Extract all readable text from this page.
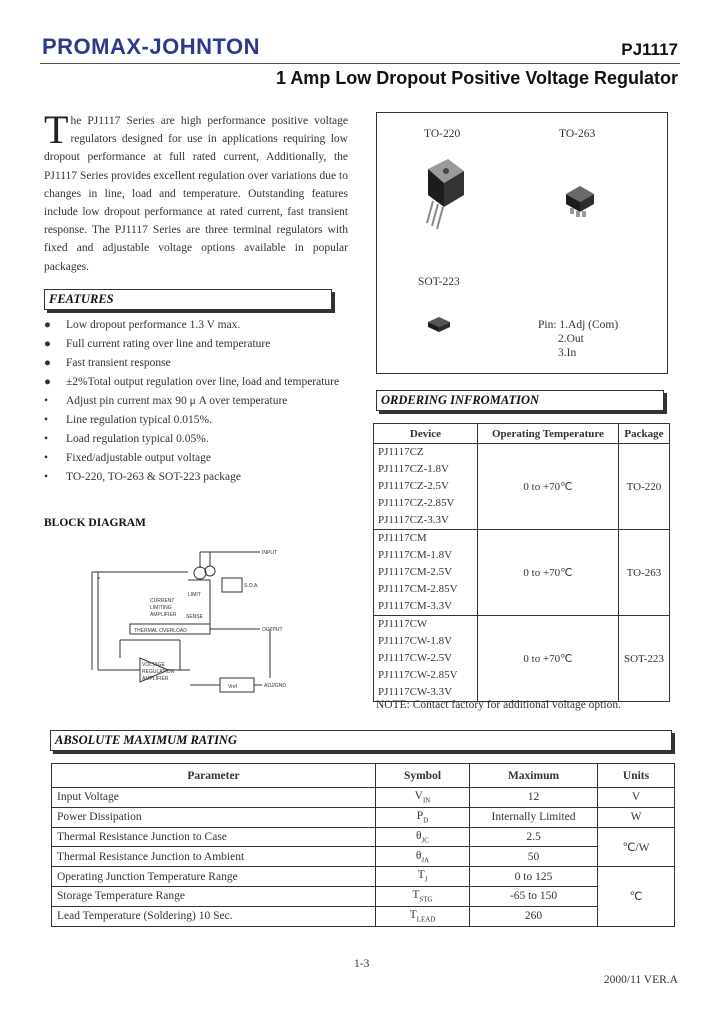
PROMAX-JOHNTON	PJ1117
1 Amp Low Dropout Positive Voltage Regulator
The PJ1117 Series are high performance positive voltage regulators designed for use in applications requiring low dropout performance at full rated current, Additionally, the PJ1117 Series provides excellent regulation over variations due to changes in line, load and temperature. Outstanding features include low dropout performance at rated current, fast transient response. The PJ1117 Series are three terminal regulators with fixed and adjustable voltage options available in popular packages.
FEATURES
● Low dropout performance 1.3 V max.
● Full current rating over line and temperature
● Fast transient response
● ±2%Total output regulation over line, load and temperature
• Adjust pin current max 90 μ A over temperature
• Line regulation typical 0.015%.
• Load regulation typical 0.05%.
• Fixed/adjustable output voltage
• TO-220, TO-263 & SOT-223 package
BLOCK DIAGRAM
INPUT
OUTPUT
ADJ/GND
S.O.A.
LIMIT
CURRENT
LIMITING
AMPLIFIER SENSE
THERMAL OVERLOAD
VOLTAGE
REGULATION
AMPLIFIER
Vref
TO-220	TO-263
SOT-223
Pin: 1.Adj (Com)
2.Out
3.In
ORDERING INFROMATION
Device	Operating Temperature	Package

PJ1117CZ
PJ1117CZ-1.8V
PJ1117CZ-2.5V
PJ1117CZ-2.85V
PJ1117CZ-3.3V	0 to +70℃	TO-220

PJ1117CM
PJ1117CM-1.8V
PJ1117CM-2.5V
PJ1117CM-2.85V
PJ1117CM-3.3V	0 to +70℃	TO-263

PJ1117CW
PJ1117CW-1.8V
PJ1117CW-2.5V
PJ1117CW-2.85V
PJ1117CW-3.3V	0 to +70℃	SOT-223
NOTE: Contact factory for additional voltage option.
ABSOLUTE MAXIMUM RATING
Parameter	Symbol	Maximum	Units
Input Voltage	$V_{IN}$	12	V
Power Dissipation	$P_D$	Internally Limited	W
Thermal Resistance Junction to Case	$\theta_{JC}$	2.5	℃/W
Thermal Resistance Junction to Ambient	$\theta_{JA}$	50	
Operating Junction Temperature Range	$T_J$	0 to 125	℃
Storage Temperature Range	$T_{STG}$	-65 to 150	
Lead Temperature (Soldering) 10 Sec.	$T_{LEAD}$	260	
1-3
2000/11 VER.A
